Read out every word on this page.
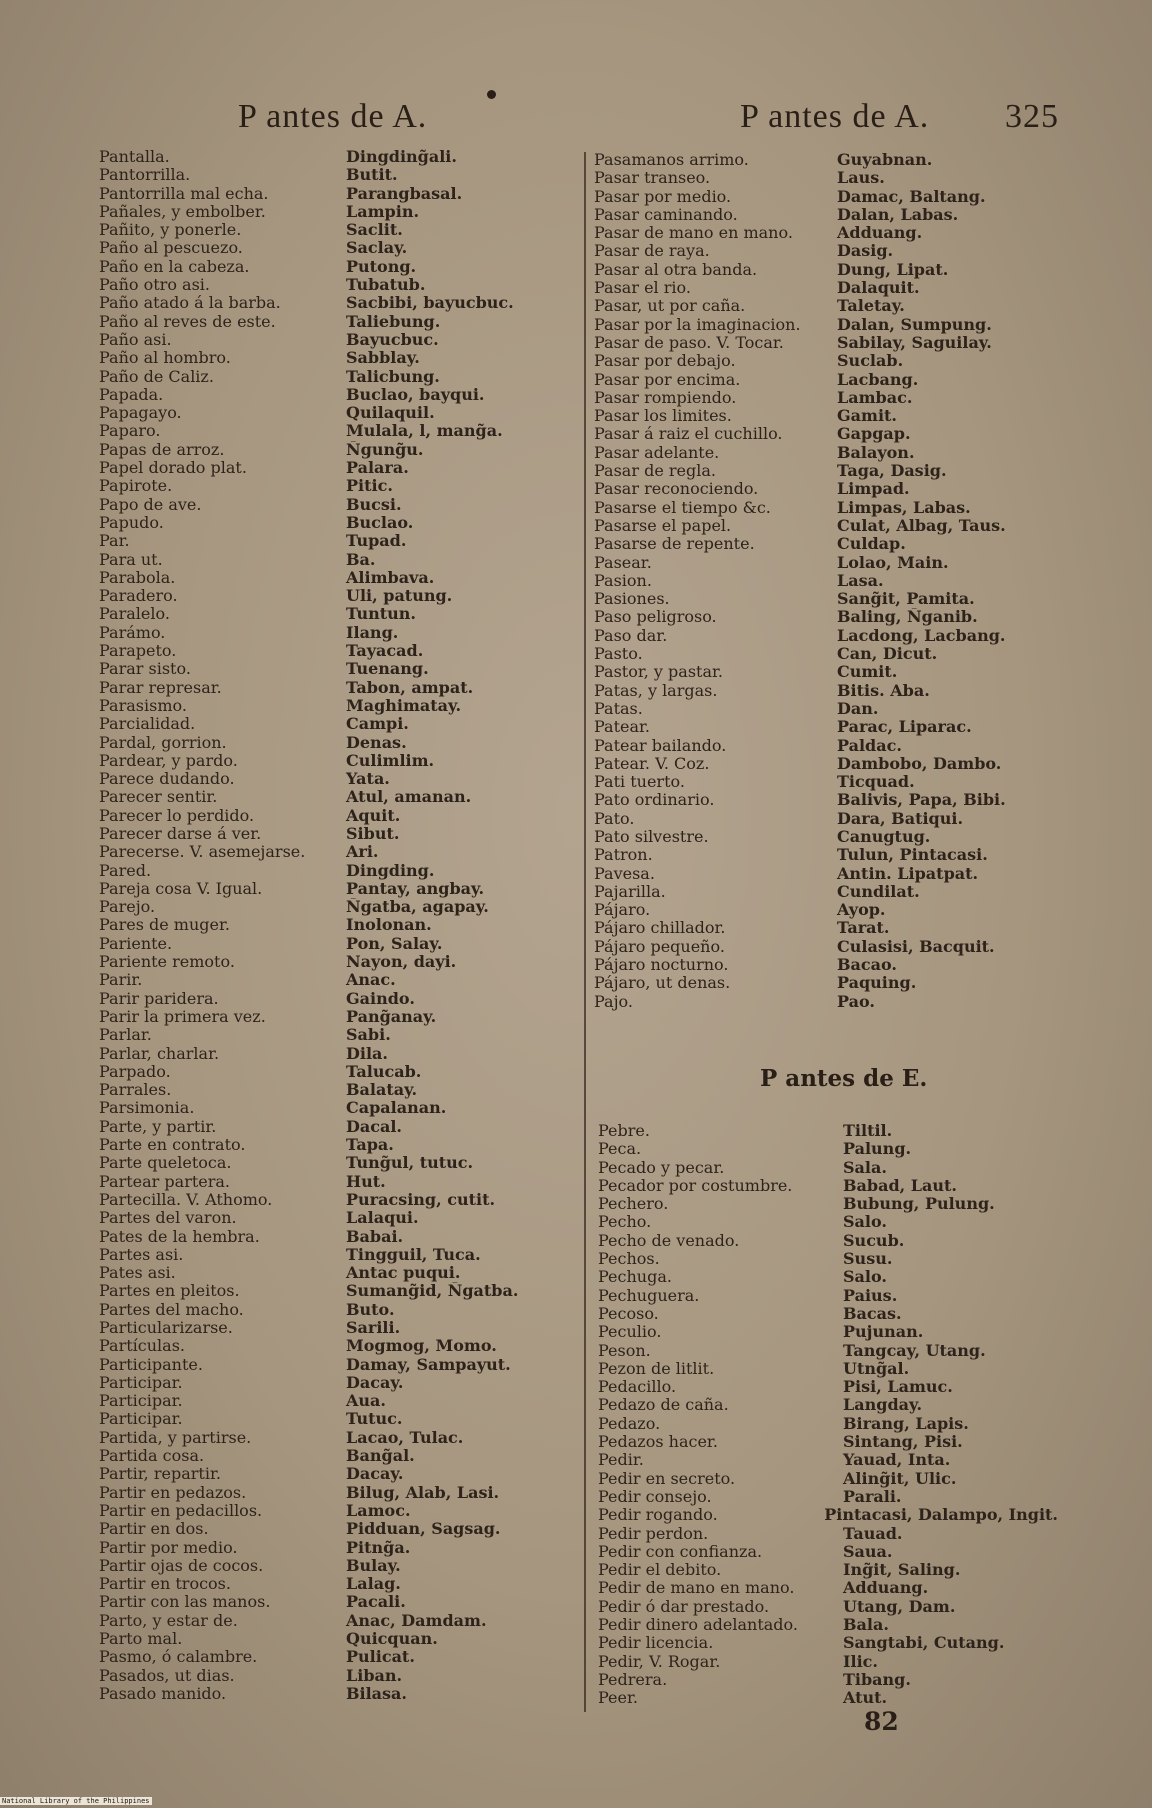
P antes de A.	P antes de A. 325
Pantalla.	Dingding̃ali.
Pantorrilla.	Butit.
Pantorrilla mal echa.	Parangbasal.
Pañales, y embolber.	Lampin.
Pañito, y ponerle.	Saclit.
Paño al pescuezo.	Saclay.
Paño en la cabeza.	Putong.
Paño otro asi.	Tubatub.
Paño atado á la barba.	Sacbibi, bayucbuc.
Paño al reves de este.	Taliebung.
Paño asi.	Bayucbuc.
Paño al hombro.	Sabblay.
Paño de Caliz.	Talicbung.
Papada.	Buclao, bayqui.
Papagayo.	Quilaquil.
Paparo.	Mulala, l, mang̃a.
Papas de arroz.	N̄gung̃u.
Papel dorado plat.	Palara.
Papirote.	Pitic.
Papo de ave.	Bucsi.
Papudo.	Buclao.
Par.	Tupad.
Para ut.	Ba.
Parabola.	Alimbava.
Paradero.	Uli, patung.
Paralelo.	Tuntun.
Parámo.	Ilang.
Parapeto.	Tayacad.
Parar sisto.	Tuenang.
Parar represar.	Tabon, ampat.
Parasismo.	Maghimatay.
Parcialidad.	Campi.
Pardal, gorrion.	Denas.
Pardear, y pardo.	Culimlim.
Parece dudando.	Yata.
Parecer sentir.	Atul, amanan.
Parecer lo perdido.	Aquit.
Parecer darse á ver.	Sibut.
Parecerse. V. asemejarse.	Ari.
Pared.	Dingding.
Pareja cosa V. Igual.	Pantay, angbay.
Parejo.	N̄gatba, agapay.
Pares de muger.	Inolonan.
Pariente.	Pon, Salay.
Pariente remoto.	Nayon, dayi.
Parir.	Anac.
Parir paridera.	Gaindo.
Parir la primera vez.	Pang̃anay.
Parlar.	Sabi.
Parlar, charlar.	Dila.
Parpado.	Talucab.
Parrales.	Balatay.
Parsimonia.	Capalanan.
Parte, y partir.	Dacal.
Parte en contrato.	Tapa.
Parte queletoca.	Tung̃ul, tutuc.
Partear partera.	Hut.
Partecilla. V. Athomo.	Puracsing, cutit.
Partes del varon.	Lalaqui.
Pates de la hembra.	Babai.
Partes asi.	Tingguil, Tuca.
Pates asi.	Antac puqui.
Partes en pleitos.	Sumang̃id, N̄gatba.
Partes del macho.	Buto.
Particularizarse.	Sarili.
Partículas.	Mogmog, Momo.
Participante.	Damay, Sampayut.
Participar.	Dacay.
Participar.	Aua.
Participar.	Tutuc.
Partida, y partirse.	Lacao, Tulac.
Partida cosa.	Bang̃al.
Partir, repartir.	Dacay.
Partir en pedazos.	Bilug, Alab, Lasi.
Partir en pedacillos.	Lamoc.
Partir en dos.	Pidduan, Sagsag.
Partir por medio.	Pitng̃a.
Partir ojas de cocos.	Bulay.
Partir en trocos.	Lalag.
Partir con las manos.	Pacali.
Parto, y estar de.	Anac, Damdam.
Parto mal.	Quicquan.
Pasmo, ó calambre.	Pulicat.
Pasados, ut dias.	Liban.
Pasado manido.	Bilasa.
Pasamanos arrimo.	Guyabnan.
Pasar transeo.	Laus.
Pasar por medio.	Damac, Baltang.
Pasar caminando.	Dalan, Labas.
Pasar de mano en mano.	Adduang.
Pasar de raya.	Dasig.
Pasar al otra banda.	Dung, Lipat.
Pasar el rio.	Dalaquit.
Pasar, ut por caña.	Taletay.
Pasar por la imaginacion.	Dalan, Sumpung.
Pasar de paso. V. Tocar.	Sabilay, Saguilay.
Pasar por debajo.	Suclab.
Pasar por encima.	Lacbang.
Pasar rompiendo.	Lambac.
Pasar los limites.	Gamit.
Pasar á raiz el cuchillo.	Gapgap.
Pasar adelante.	Balayon.
Pasar de regla.	Taga, Dasig.
Pasar reconociendo.	Limpad.
Pasarse el tiempo &c.	Limpas, Labas.
Pasarse el papel.	Culat, Albag, Taus.
Pasarse de repente.	Culdap.
Pasear.	Lolao, Main.
Pasion.	Lasa.
Pasiones.	Sang̃it, Pamita.
Paso peligroso.	Baling, N̄ganib.
Paso dar.	Lacdong, Lacbang.
Pasto.	Can, Dicut.
Pastor, y pastar.	Cumit.
Patas, y largas.	Bitis. Aba.
Patas.	Dan.
Patear.	Parac, Liparac.
Patear bailando.	Paldac.
Patear. V. Coz.	Dambobo, Dambo.
Pati tuerto.	Ticquad.
Pato ordinario.	Balivis, Papa, Bibi.
Pato.	Dara, Batiqui.
Pato silvestre.	Canugtug.
Patron.	Tulun, Pintacasi.
Pavesa.	Antin. Lipatpat.
Pajarilla.	Cundilat.
Pájaro.	Ayop.
Pájaro chillador.	Tarat.
Pájaro pequeño.	Culasisi, Bacquit.
Pájaro nocturno.	Bacao.
Pájaro, ut denas.	Paquing.
Pajo.	Pao.
P antes de E.
Pebre.	Tiltil.
Peca.	Palung.
Pecado y pecar.	Sala.
Pecador por costumbre.	Babad, Laut.
Pechero.	Bubung, Pulung.
Pecho.	Salo.
Pecho de venado.	Sucub.
Pechos.	Susu.
Pechuga.	Salo.
Pechuguera.	Paius.
Pecoso.	Bacas.
Peculio.	Pujunan.
Peson.	Tangcay, Utang.
Pezon de litlit.	Utng̃al.
Pedacillo.	Pisi, Lamuc.
Pedazo de caña.	Langday.
Pedazo.	Birang, Lapis.
Pedazos hacer.	Sintang, Pisi.
Pedir.	Yauad, Inta.
Pedir en secreto.	Aling̃it, Ulic.
Pedir consejo.	Parali.
Pedir rogando.	Pintacasi, Dalampo, Ingit.
Pedir perdon.	Tauad.
Pedir con confianza.	Saua.
Pedir el debito.	Ing̃it, Saling.
Pedir de mano en mano.	Adduang.
Pedir ó dar prestado.	Utang, Dam.
Pedir dinero adelantado.	Bala.
Pedir licencia.	Sangtabi, Cutang.
Pedir, V. Rogar.	Ilic.
Pedrera.	Tibang.
Peer.	Atut.
82
National Library of the Philippines
